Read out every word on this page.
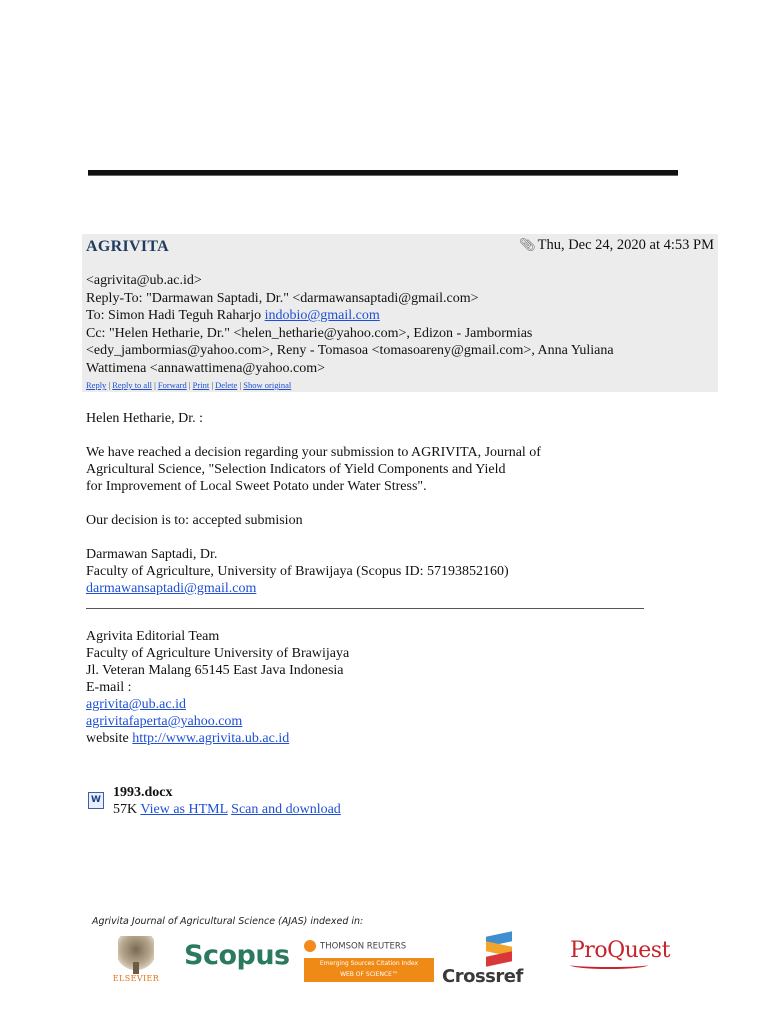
AGRIVITA	📎︎ Thu, Dec 24, 2020 at 4:53 PM
<agrivita@ub.ac.id>
Reply-To: "Darmawan Saptadi, Dr." <darmawansaptadi@gmail.com>
To: Simon Hadi Teguh Raharjo indobio@gmail.com
Cc: "Helen Hetharie, Dr." <helen_hetharie@yahoo.com>, Edizon - Jambormias
<edy_jambormias@yahoo.com>, Reny - Tomasoa <tomasoareny@gmail.com>, Anna Yuliana
Wattimena <annawattimena@yahoo.com>
Reply | Reply to all | Forward | Print | Delete | Show original

Helen Hetharie, Dr. :

We have reached a decision regarding your submission to AGRIVITA, Journal of

Agricultural Science, "Selection Indicators of Yield Components and Yield

for Improvement of Local Sweet Potato under Water Stress".

Our decision is to: accepted submision

Darmawan Saptadi, Dr.

Faculty of Agriculture, University of Brawijaya (Scopus ID: 57193852160)

darmawansaptadi@gmail.com

Agrivita Editorial Team
Faculty of Agriculture University of Brawijaya
Jl. Veteran Malang 65145 East Java Indonesia
E-mail :
agrivita@ub.ac.id
agrivitafaperta@yahoo.com
website http://www.agrivita.ub.ac.id
W 1993.docx
57K View as HTML Scan and download
Agrivita Journal of Agricultural Science (AJAS) indexed in:
ELSEVIER
Scopus	THOMSON REUTERS
Emerging Sources Citation Index
WEB OF SCIENCE™	Crossref
ProQuest
